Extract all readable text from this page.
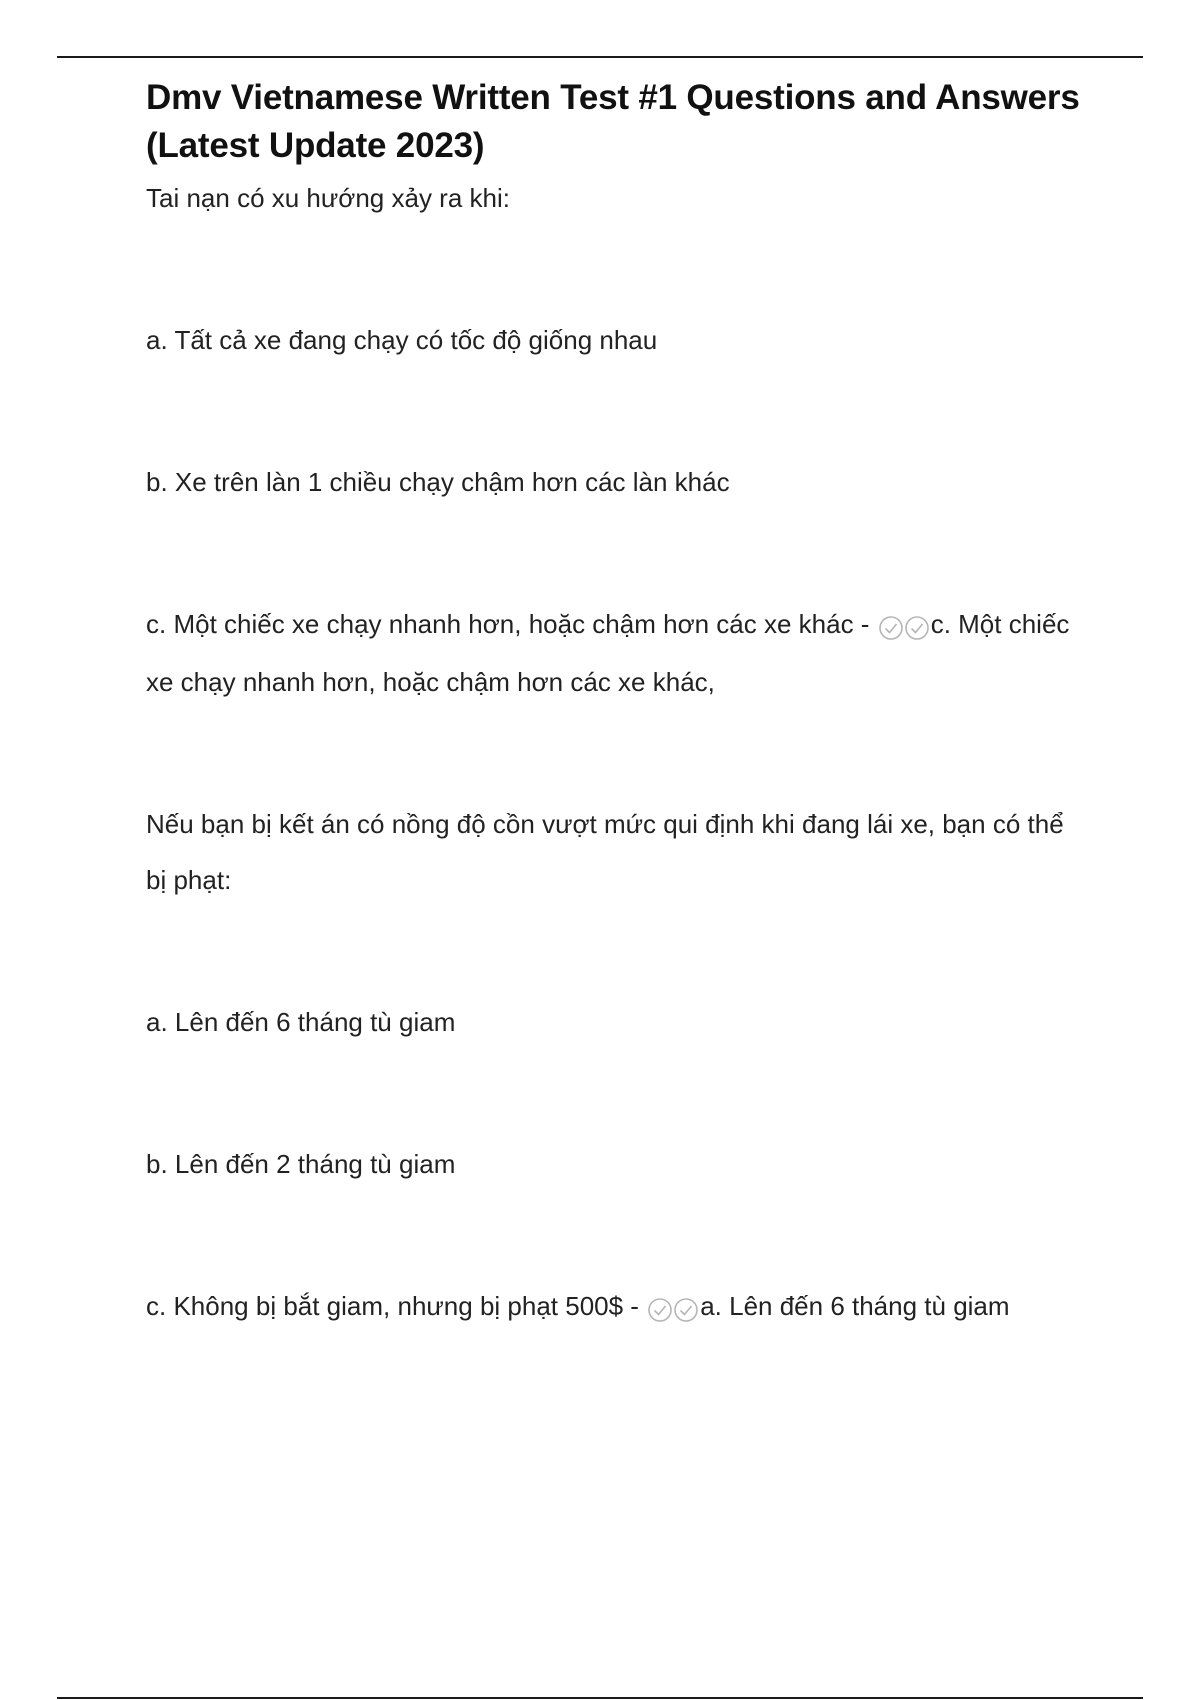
Dmv Vietnamese Written Test #1 Questions and Answers (Latest Update 2023)

Tai nạn có xu hướng xảy ra khi:

a. Tất cả xe đang chạy có tốc độ giống nhau

b. Xe trên làn 1 chiều chạy chậm hơn các làn khác

c. Một chiếc xe chạy nhanh hơn, hoặc chậm hơn các xe khác - c. Một chiếc xe chạy nhanh hơn, hoặc chậm hơn các xe khác,

Nếu bạn bị kết án có nồng độ cồn vượt mức qui định khi đang lái xe, bạn có thể bị phạt:

a. Lên đến 6 tháng tù giam

b. Lên đến 2 tháng tù giam

c. Không bị bắt giam, nhưng bị phạt 500$ - a. Lên đến 6 tháng tù giam
